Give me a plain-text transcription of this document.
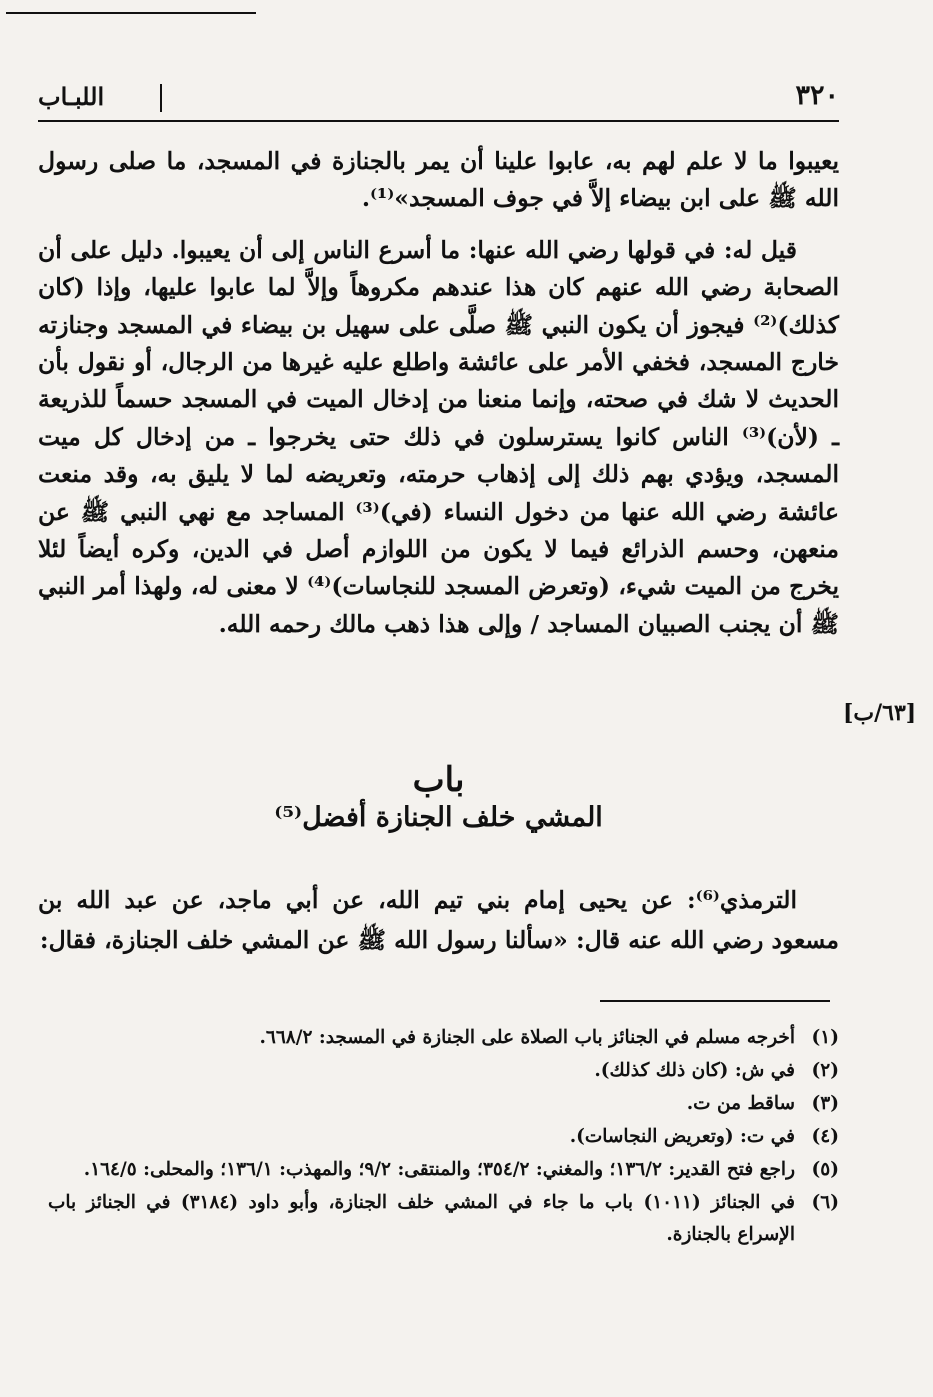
٣٢٠
اللبـاب

يعيبوا ما لا علم لهم به، عابوا علينا أن يمر بالجنازة في المسجد، ما صلى رسول الله ﷺ على ابن بيضاء إلاَّ في جوف المسجد»⁽¹⁾.

قيل له: في قولها رضي الله عنها: ما أسرع الناس إلى أن يعيبوا. دليل على أن الصحابة رضي الله عنهم كان هذا عندهم مكروهاً وإلاَّ لما عابوا عليها، وإذا (كان كذلك)⁽²⁾ فيجوز أن يكون النبي ﷺ صلَّى على سهيل بن بيضاء في المسجد وجنازته خارج المسجد، فخفي الأمر على عائشة واطلع عليه غيرها من الرجال، أو نقول بأن الحديث لا شك في صحته، وإنما منعنا من إدخال الميت في المسجد حسماً للذريعة ـ (لأن)⁽³⁾ الناس كانوا يسترسلون في ذلك حتى يخرجوا ـ من إدخال كل ميت المسجد، ويؤدي بهم ذلك إلى إذهاب حرمته، وتعريضه لما لا يليق به، وقد منعت عائشة رضي الله عنها من دخول النساء (في)⁽³⁾ المساجد مع نهي النبي ﷺ عن منعهن، وحسم الذرائع فيما لا يكون من اللوازم أصل في الدين، وكره أيضاً لئلا يخرج من الميت شيء، (وتعرض المسجد للنجاسات)⁽⁴⁾ لا معنى له، ولهذا أمر النبي ﷺ أن يجنب الصبيان المساجد / وإلى هذا ذهب مالك رحمه الله.

[٦٣/ب]
باب
المشي خلف الجنازة أفضل⁽⁵⁾
الترمذي⁽⁶⁾: عن يحيى إمام بني تيم الله، عن أبي ماجد، عن عبد الله بن مسعود رضي الله عنه قال: «سألنا رسول الله ﷺ عن المشي خلف الجنازة، فقال:
(١)
أخرجه مسلم في الجنائز باب الصلاة على الجنازة في المسجد: ٦٦٨/٢.
(٢)
في ش: (كان ذلك كذلك).
(٣)
ساقط من ت.
(٤)
في ت: (وتعريض النجاسات).
(٥)
راجع فتح القدير: ١٣٦/٢؛ والمغني: ٣٥٤/٢؛ والمنتقى: ٩/٢؛ والمهذب: ١٣٦/١؛ والمحلى: ١٦٤/٥.
(٦)
في الجنائز (١٠١١) باب ما جاء في المشي خلف الجنازة، وأبو داود (٣١٨٤) في الجنائز باب الإسراع بالجنازة.
